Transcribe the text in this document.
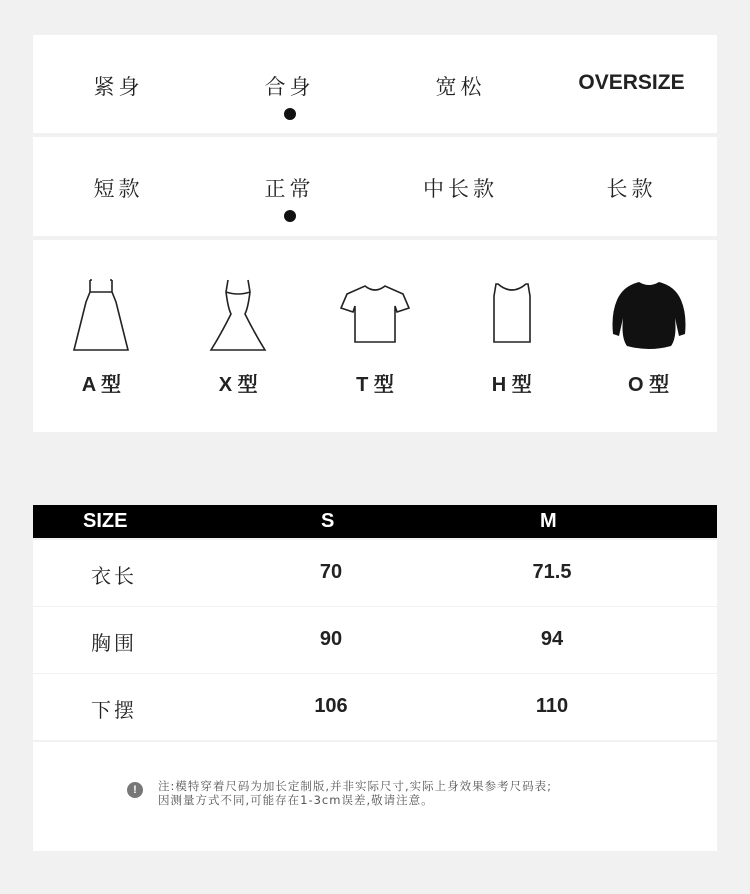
紧身	合身	宽松	OVERSIZE
短款	正常	中长款	长款
A 型	X 型	T 型	H 型	O 型
SIZE	S	M
衣长	70	71.5
胸围	90	94
下摆	106	110
!	注:模特穿着尺码为加长定制版,并非实际尺寸,实际上身效果参考尺码表;
因测量方式不同,可能存在1-3cm误差,敬请注意。
